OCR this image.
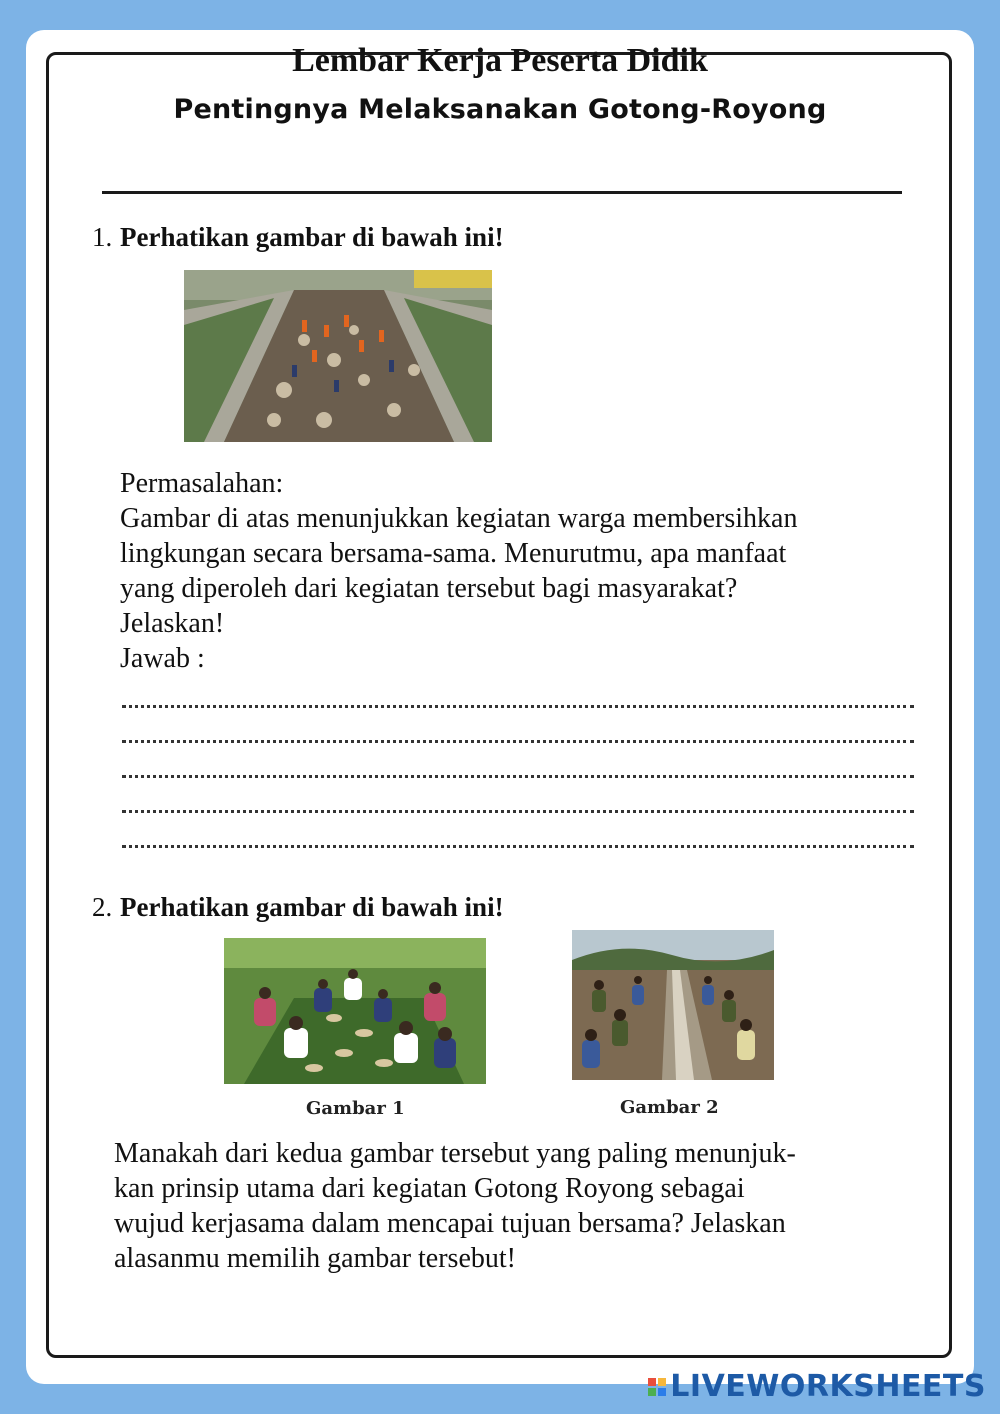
Lembar Kerja Peserta Didik
Pentingnya Melaksanakan Gotong-Royong
1. Perhatikan gambar di bawah ini!
Permasalahan:
Gambar di atas menunjukkan kegiatan warga membersihkan
lingkungan secara bersama-sama. Menurutmu, apa manfaat
yang diperoleh dari kegiatan tersebut bagi masyarakat?
Jelaskan!
Jawab :
2. Perhatikan gambar di bawah ini!
Gambar 1	Gambar 2
Manakah dari kedua gambar tersebut yang paling menunjuk-
kan prinsip utama dari kegiatan Gotong Royong sebagai
wujud kerjasama dalam mencapai tujuan bersama? Jelaskan
alasanmu memilih gambar tersebut!
LIVEWORKSHEETS
